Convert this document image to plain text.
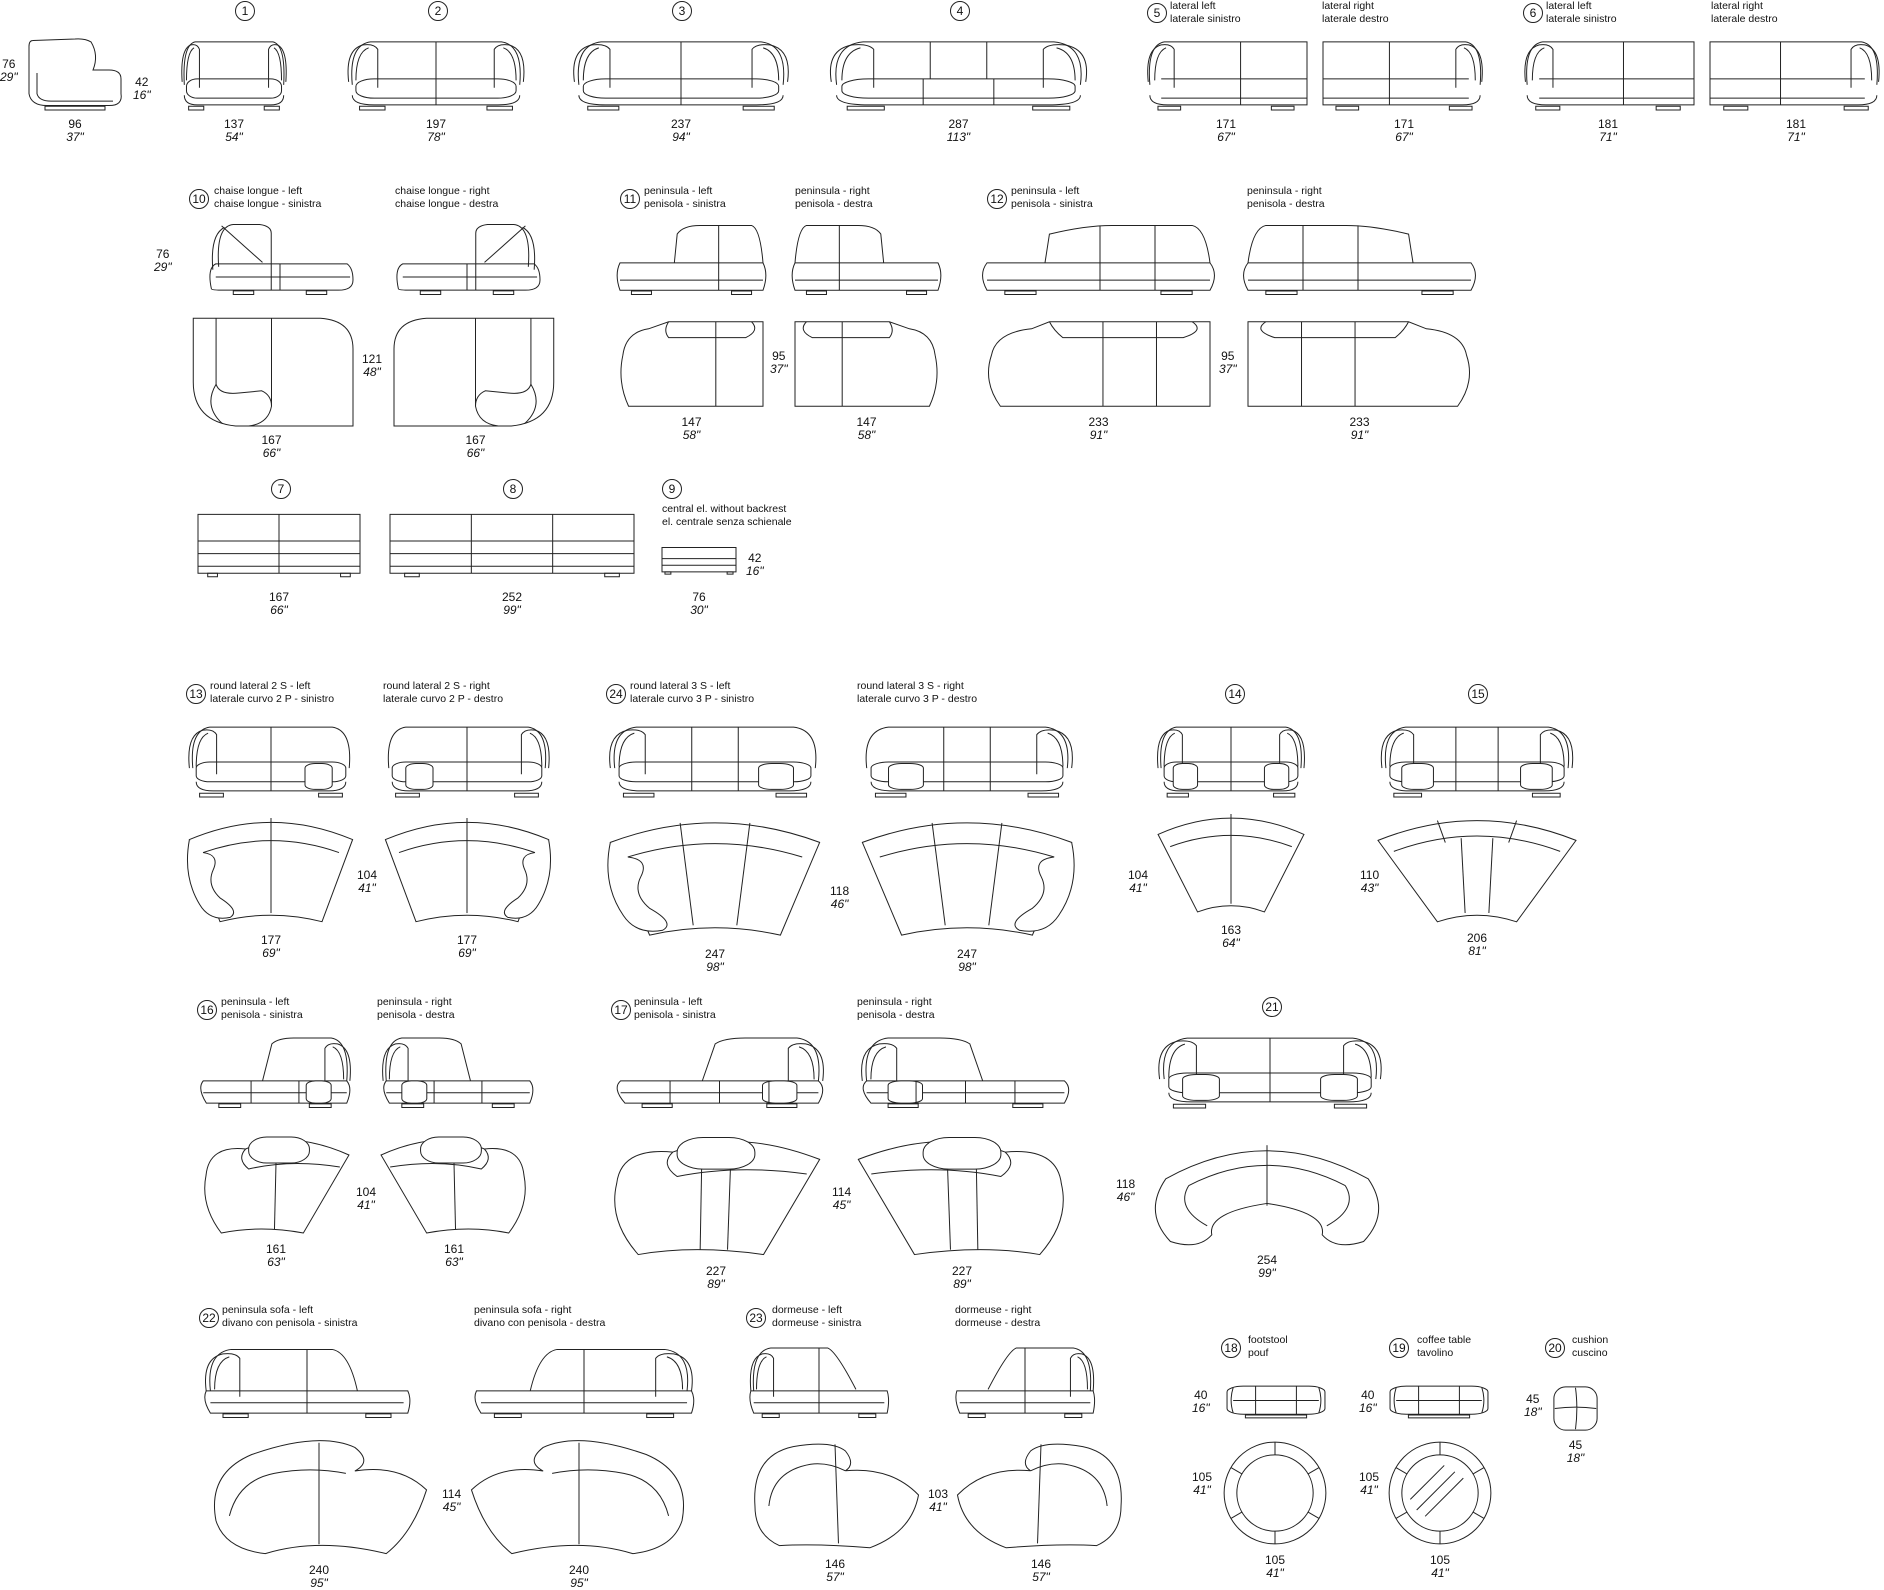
96
37"
76
29"	42
16"
1
137
54"
2
197
78"
3
237
94"
4
287
113"
5 lateral left
laterale sinistro
171
67"
lateral right
laterale destro
171
67"
6 lateral left
laterale sinistro
181
71"
lateral right
laterale destro
181
71"
10
chaise longue - left
chaise longue - sinistra
76
29"
chaise longue - right
chaise longue - destra
167
66"
121
48"
167
66"
11
peninsula - left
penisola - sinistra
peninsula - right
penisola - destra
147
58"
95
37"
147
58"
12
peninsula - left
penisola - sinistra
peninsula - right
penisola - destra
233
91"
95
37"
233
91"
7
167
66"
8
252
99"
9
central el. without backrest
el. centrale senza schienale
76
30"
42
16"
13
round lateral 2 S - left
laterale curvo 2 P - sinistro
round lateral 2 S - right
laterale curvo 2 P - destro
177
69"
104
41"
177
69"
24
round lateral 3 S - left
laterale curvo 3 P - sinistro
round lateral 3 S - right
laterale curvo 3 P - destro
247
98"
118
46"
247
98"
14
163
64"
104
41"
15
206
81"
110
43"
16
peninsula - left
penisola - sinistra
peninsula - right
penisola - destra
161
63"
104
41"
161
63"
17
peninsula - left
penisola - sinistra
peninsula - right
penisola - destra
227
89"
114
45"
227
89"
21
254
99"
118
46"
22
peninsula sofa - left
divano con penisola - sinistra
peninsula sofa - right
divano con penisola - destra
240
95"
114
45"
240
95"
23
dormeuse - left
dormeuse - sinistra
dormeuse - right
dormeuse - destra
146
57"
103
41"
146
57"
18
footstool
pouf
40
16"
105
41"
105
41"
19
coffee table
tavolino
40
16"
105
41"
105
41"
20
cushion
cuscino
45
18"
45
18"
